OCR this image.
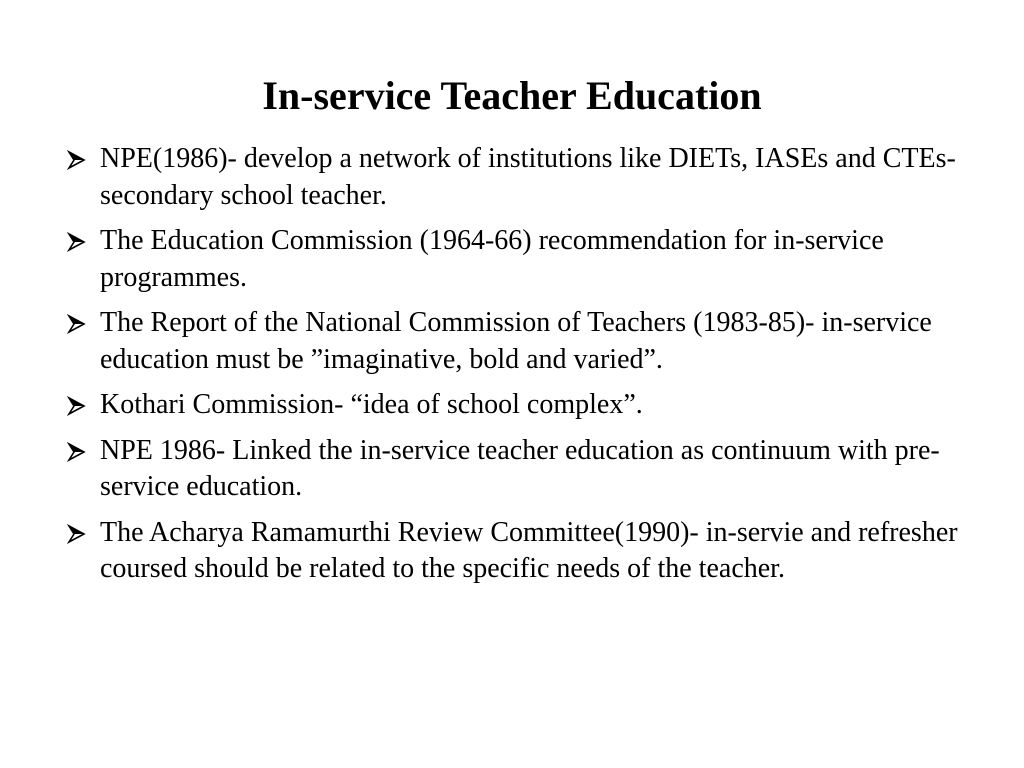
In-service Teacher Education
NPE(1986)- develop a network of institutions like DIETs, IASEs and CTEs- secondary school teacher.
The Education Commission (1964-66) recommendation for in-service programmes.
The Report of the National Commission of Teachers (1983-85)- in-service education must be ”imaginative, bold and varied”.
Kothari Commission- “idea of school complex”.
NPE 1986- Linked the in-service teacher education as continuum with pre-service education.
The Acharya Ramamurthi Review Committee(1990)- in-servie and refresher coursed should be related to the specific needs of the teacher.
